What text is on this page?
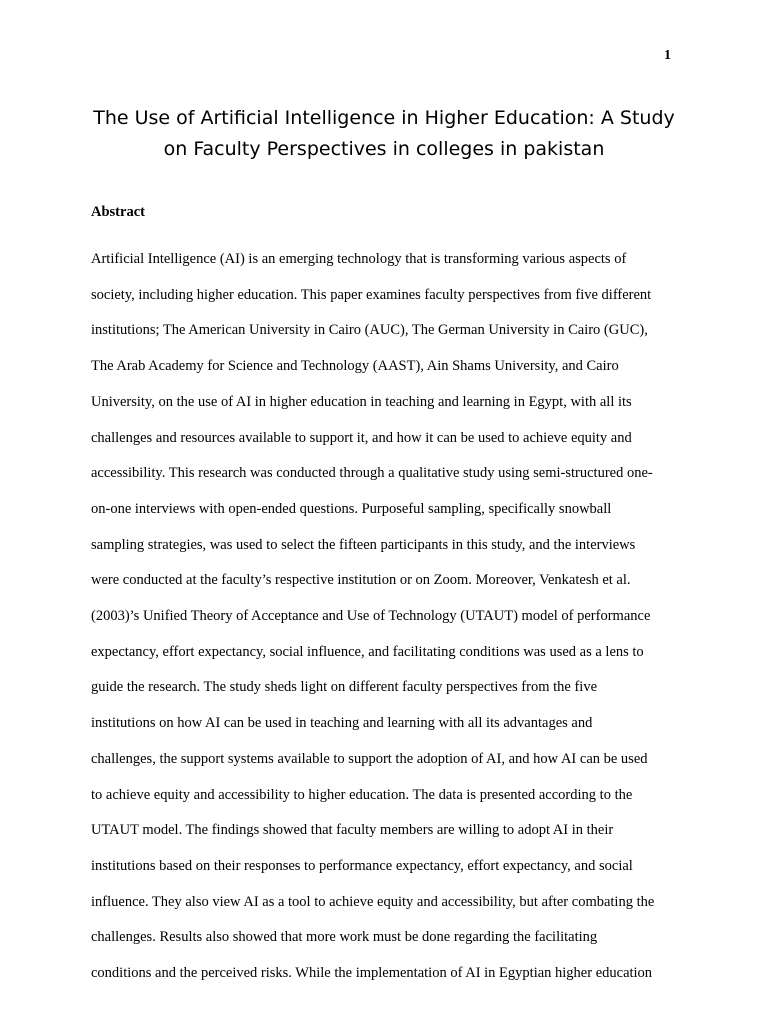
1
The Use of Artificial Intelligence in Higher Education: A Study on Faculty Perspectives in colleges in pakistan
Abstract
Artificial Intelligence (AI) is an emerging technology that is transforming various aspects of
society, including higher education. This paper examines faculty perspectives from five different
institutions; The American University in Cairo (AUC), The German University in Cairo (GUC),
The Arab Academy for Science and Technology (AAST), Ain Shams University, and Cairo
University, on the use of AI in higher education in teaching and learning in Egypt, with all its
challenges and resources available to support it, and how it can be used to achieve equity and
accessibility. This research was conducted through a qualitative study using semi-structured one-
on-one interviews with open-ended questions. Purposeful sampling, specifically snowball
sampling strategies, was used to select the fifteen participants in this study, and the interviews
were conducted at the faculty’s respective institution or on Zoom. Moreover, Venkatesh et al.
(2003)’s Unified Theory of Acceptance and Use of Technology (UTAUT) model of performance
expectancy, effort expectancy, social influence, and facilitating conditions was used as a lens to
guide the research. The study sheds light on different faculty perspectives from the five
institutions on how AI can be used in teaching and learning with all its advantages and
challenges, the support systems available to support the adoption of AI, and how AI can be used
to achieve equity and accessibility to higher education. The data is presented according to the
UTAUT model. The findings showed that faculty members are willing to adopt AI in their
institutions based on their responses to performance expectancy, effort expectancy, and social
influence. They also view AI as a tool to achieve equity and accessibility, but after combating the
challenges. Results also showed that more work must be done regarding the facilitating
conditions and the perceived risks. While the implementation of AI in Egyptian higher education
